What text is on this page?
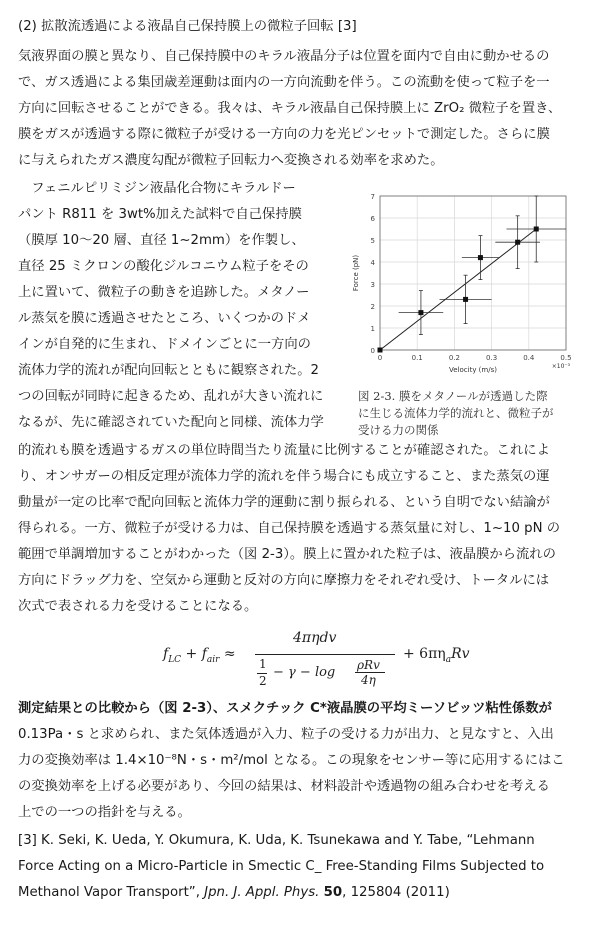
(2) 拡散流透過による液晶自己保持膜上の微粒子回転 [3]
気液界面の膜と異なり、自己保持膜中のキラル液晶分子は位置を面内で自由に動かせるの
で、ガス透過による集団歳差運動は面内の一方向流動を伴う。この流動を使って粒子を一
方向に回転させることができる。我々は、キラル液晶自己保持膜上に ZrO₂ 微粒子を置き、
膜をガスが透過する際に微粒子が受ける一方向の力を光ピンセットで測定した。さらに膜
に与えられたガス濃度勾配が微粒子回転力へ変換される効率を求めた。
　フェニルピリミジン液晶化合物にキラルドー
パント R811 を 3wt%加えた試料で自己保持膜
（膜厚 10～20 層、直径 1~2mm）を作製し、
直径 25 ミクロンの酸化ジルコニウム粒子をその
上に置いて、微粒子の動きを追跡した。メタノー
ル蒸気を膜に透過させたところ、いくつかのドメ
インが自発的に生まれ、ドメインごとに一方向の
流体力学的流れが配向回転とともに観察された。2
つの回転が同時に起きるため、乱れが大きい流れに
なるが、先に確認されていた配向と同様、流体力学
的流れも膜を透過するガスの単位時間当たり流量に比例することが確認された。これによ
り、オンサガーの相反定理が流体力学的流れを伴う場合にも成立すること、また蒸気の運
動量が一定の比率で配向回転と流体力学的運動に割り振られる、という自明でない結論が
得られる。一方、微粒子が受ける力は、自己保持膜を透過する蒸気量に対し、1~10 pN の
範囲で単調増加することがわかった（図 2-3）。膜上に置かれた粒子は、液晶膜から流れの
方向にドラッグ力を、空気から運動と反対の方向に摩擦力をそれぞれ受け、トータルには
次式で表される力を受けることになる。
$f_{LC} + f_{air}$ ≈
4πηdv
1
2
− γ − log ρRv
4η
+ $6\pi\eta_aRv$
測定結果との比較から（図 2-3）、スメクチック C*液晶膜の平均ミーソビッツ粘性係数が
0.13Pa・s と求められ、また気体透過が入力、粒子の受ける力が出力、と見なすと、入出
力の変換効率は 1.4×10⁻⁸N・s・m²/mol となる。この現象をセンサー等に応用するにはこ
の変換効率を上げる必要があり、今回の結果は、材料設計や透過物の組み合わせを考える
上での一つの指針を与える。
[3] K. Seki, K. Ueda, Y. Okumura, K. Uda, K. Tsunekawa and Y. Tabe, “Lehmann
Force Acting on a Micro-Particle in Smectic C_ Free-Standing Films Subjected to
Methanol Vapor Transport”, Jpn. J. Appl. Phys. 50, 125804 (2011)
0
1
2
3
4
5
6
7
0	0.1	0.2	0.3	0.4	0.5
Velocity (m/s)	×10⁻³
Force (pN)
図 2-3. 膜をメタノールが透過した際
に生じる流体力学的流れと、微粒子が
受ける力の関係
